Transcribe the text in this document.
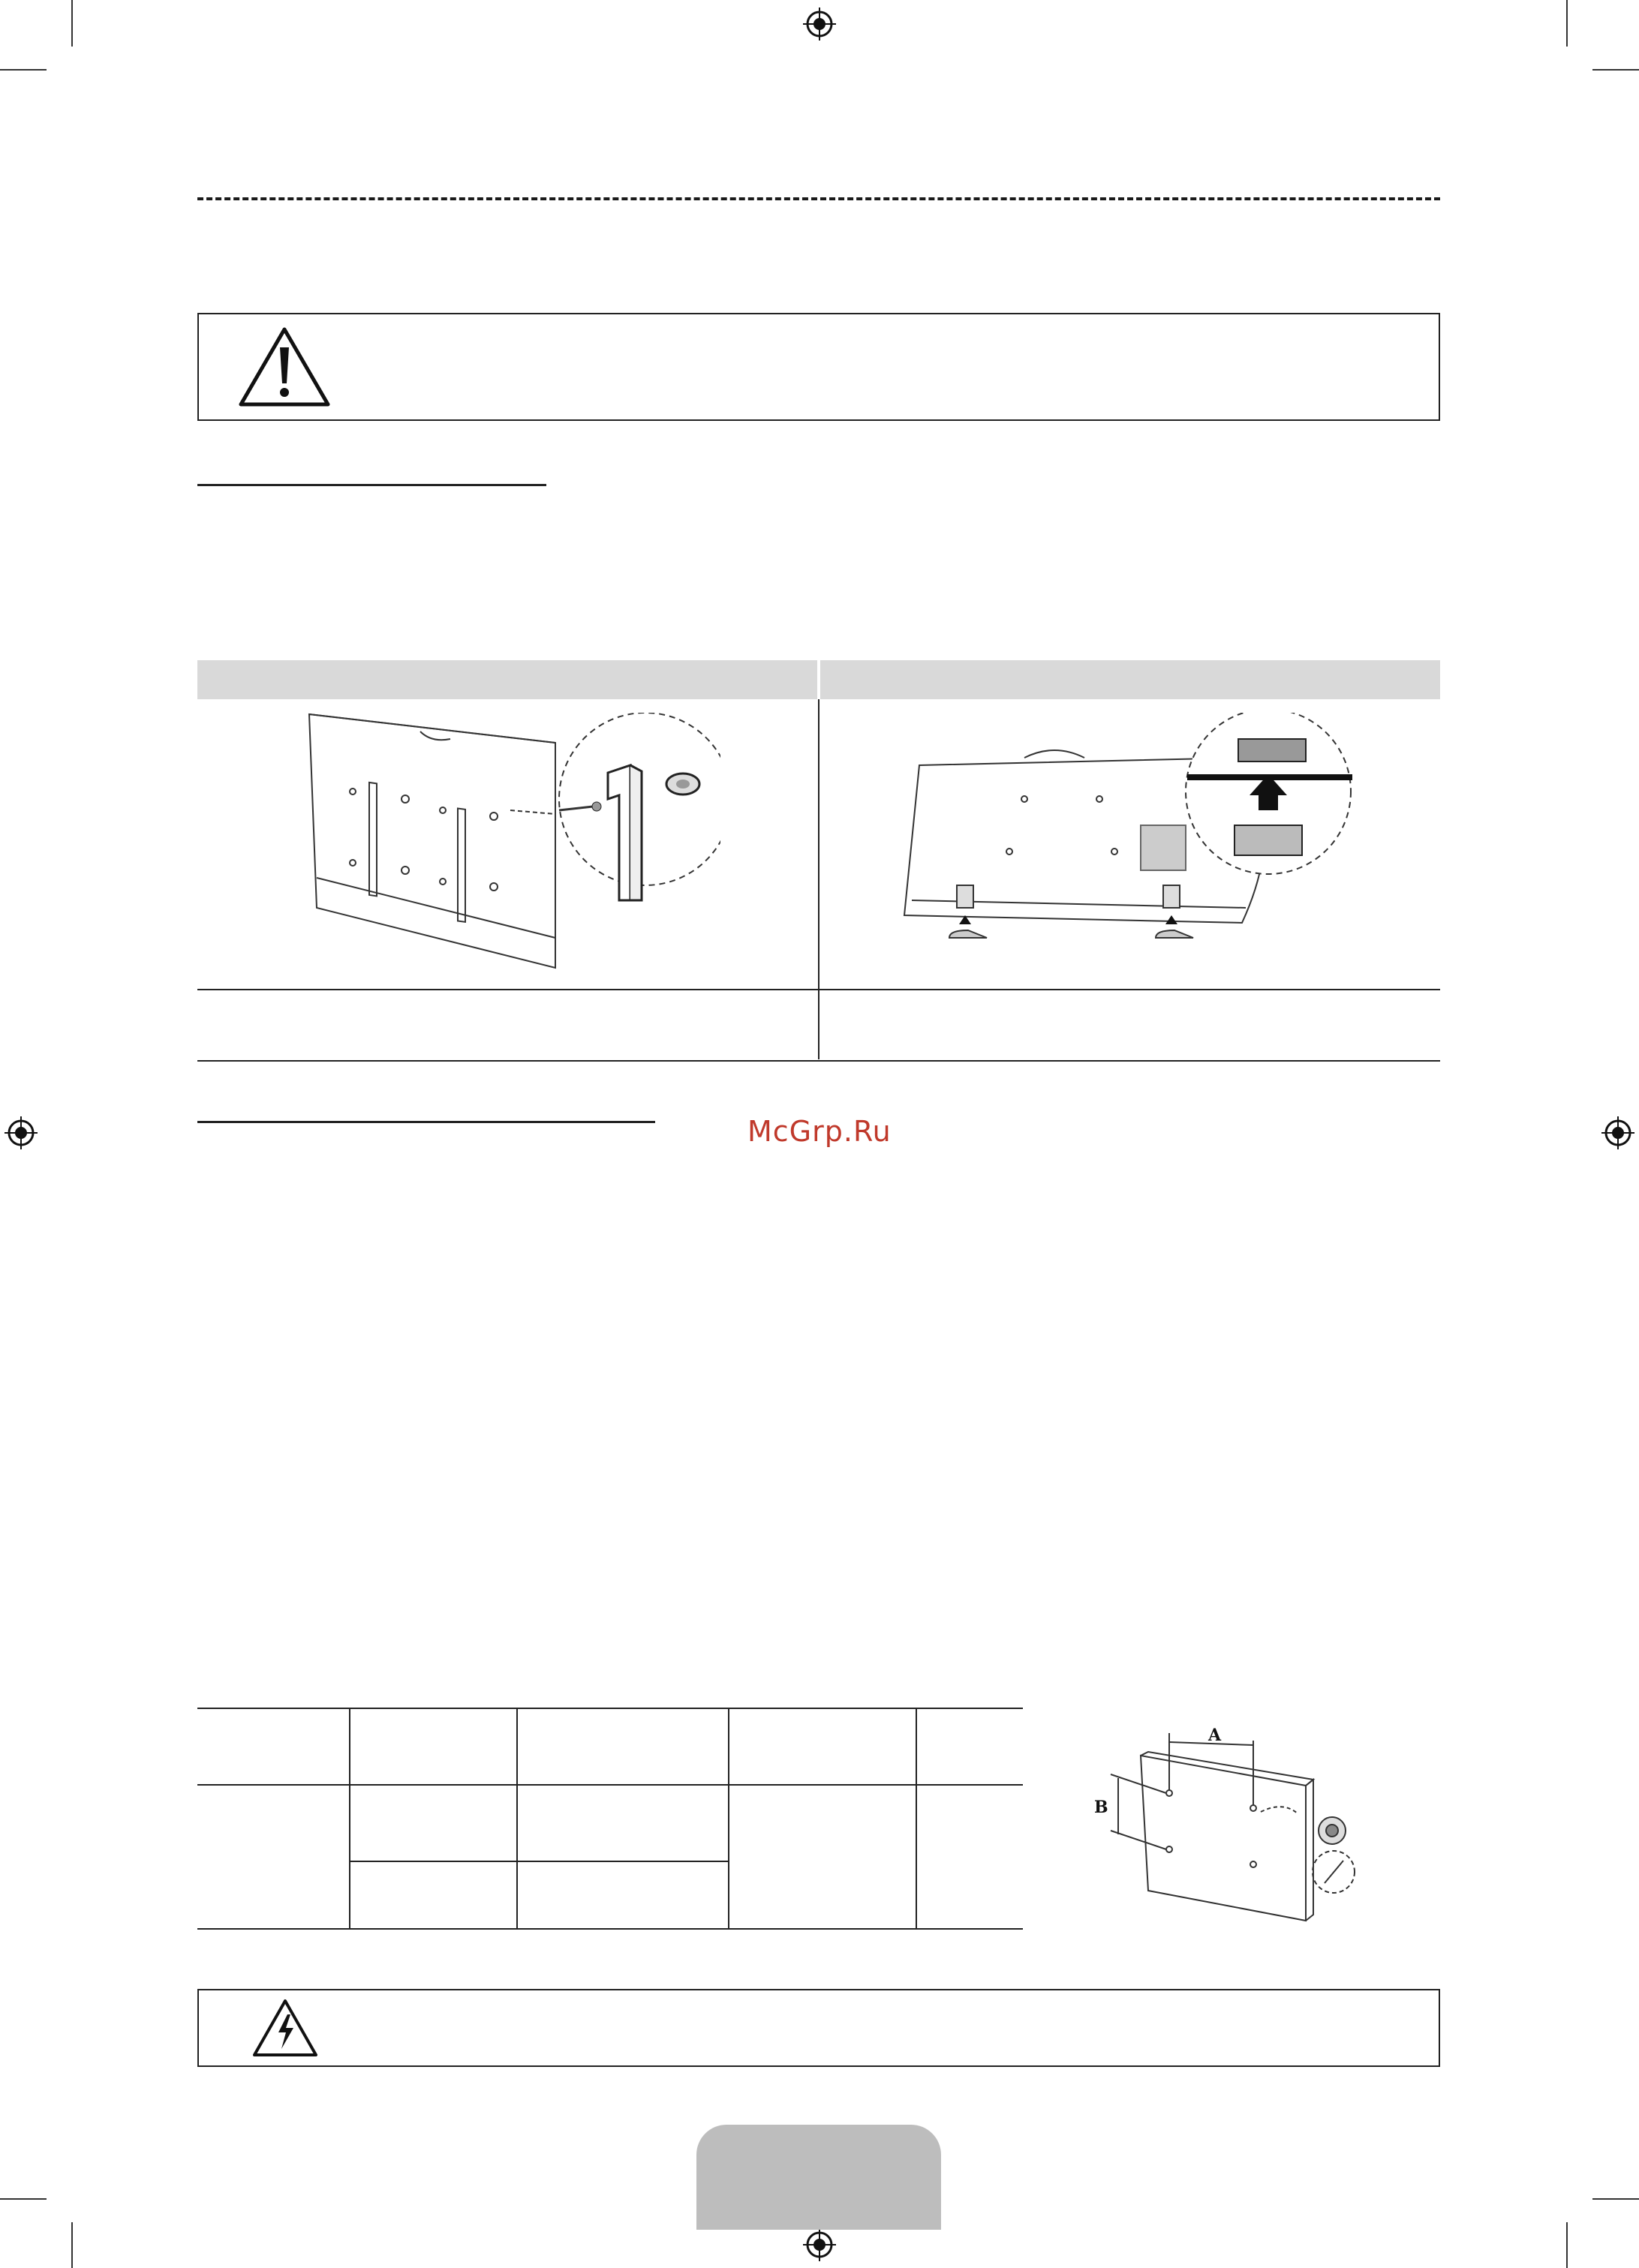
McGrp.Ru
A
B
